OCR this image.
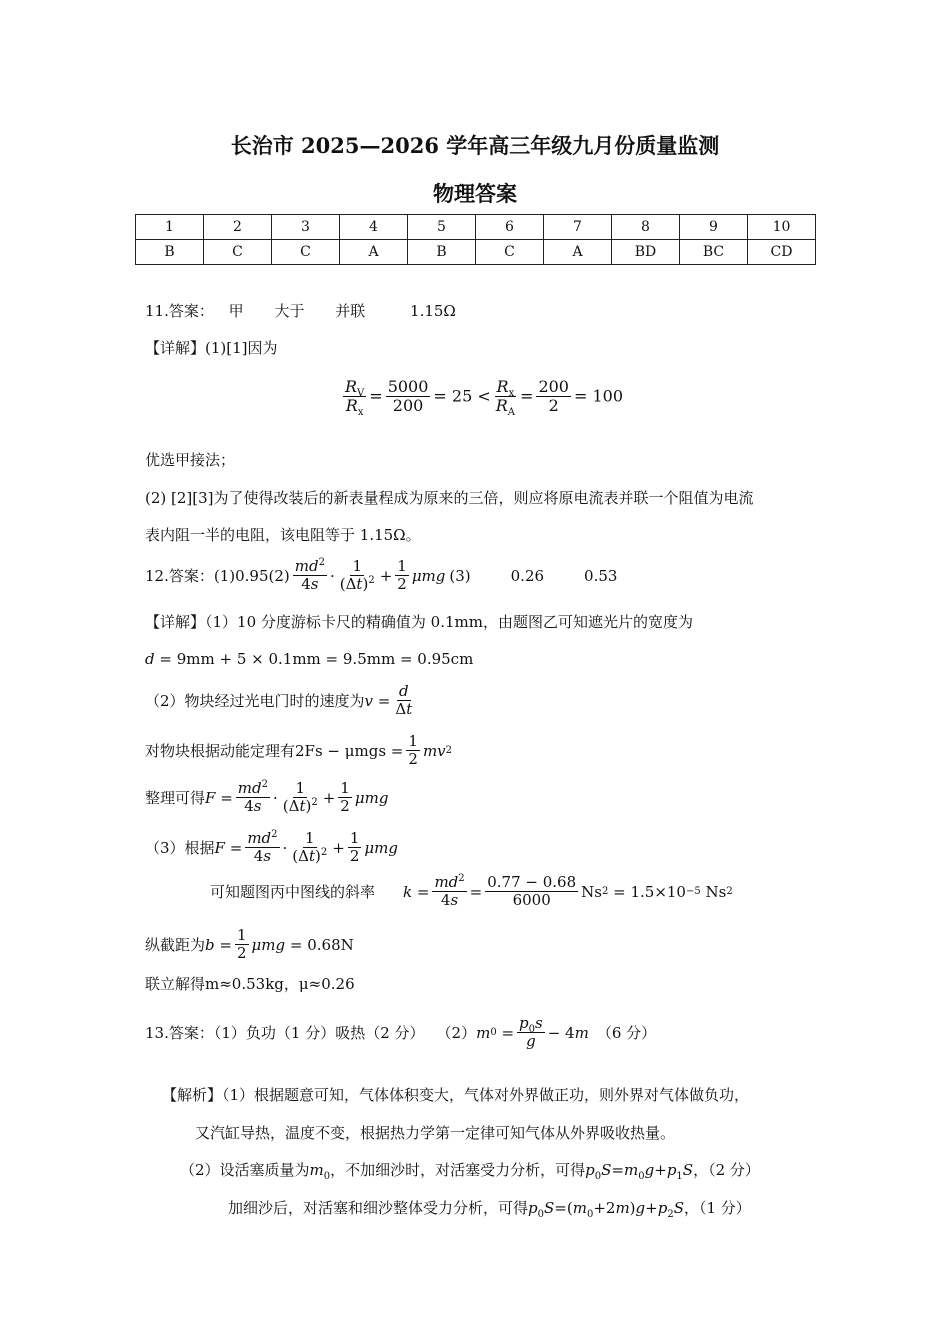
长治市 2025—2026 学年高三年级九月份质量监测
物理答案
1	2	3	4	5	6	7	8	9	10
B	C	C	A	B	C	A	BD	BC	CD
11.答案： 甲 大于 并联	1.15Ω
【详解】(1)[1]因为
$\frac{R_V}{R_x} = \frac{5000}{200} = 25 < \frac{R_x}{R_A} = \frac{200}{2} = 100$
优选甲接法；
(2) [2][3]为了使得改装后的新表量程成为原来的三倍，则应将原电流表并联一个阻值为电流
表内阻一半的电阻，该电阻等于 1.15Ω。
12.答案：$(1)0.95(2) \frac{md^2}{4s} \cdot \frac{1}{(\Delta t)^2} + \frac{1}{2}$ μmg (3)	0.26	0.53
【详解】（1）10 分度游标卡尺的精确值为 0.1mm，由题图乙可知遮光片的宽度为
d = 9mm + 5 × 0.1mm = 9.5mm = 0.95cm
（2）物块经过光电门时的速度为 $v = \frac{d}{\Delta t}$
对物块根据动能定理有 $2Fs - \mu mgs = \frac{1}{2}$ mv 2
整理可得 $F = \frac{md^2}{4s} \cdot \frac{1}{(\Delta t)^2} + \frac{1}{2}$ μmg
（3）根据 $F = \frac{md^2}{4s} \cdot \frac{1}{(\Delta t)^2} + \frac{1}{2}$ μmg
可知题图丙中图线的斜率 $k = \frac{md^2}{4s} = \frac{0.77 - 0.68}{6000}$ Ns 2
= 1.5×10 −5
Ns 2
纵截距为 $b = \frac{1}{2}$ μmg
= 0.68N
联立解得m≈0.53kg，μ≈0.26
13.答案：（1）负功（1 分）吸热（2 分） （2） m $0 = \frac{p_0s}{g} - 4$ m （6 分）
【解析】（1）根据题意可知，气体体积变大，气体对外界做正功，则外界对气体做负功，
又汽缸导热，温度不变，根据热力学第一定律可知气体从外界吸收热量。
（2）设活塞质量为$m_0$，不加细沙时，对活塞受力分析，可得$p_0S=m_0g+p_1S$，（2 分）
加细沙后，对活塞和细沙整体受力分析，可得$p_0S=(m_0+2m)g+p_2S$，（1 分）
